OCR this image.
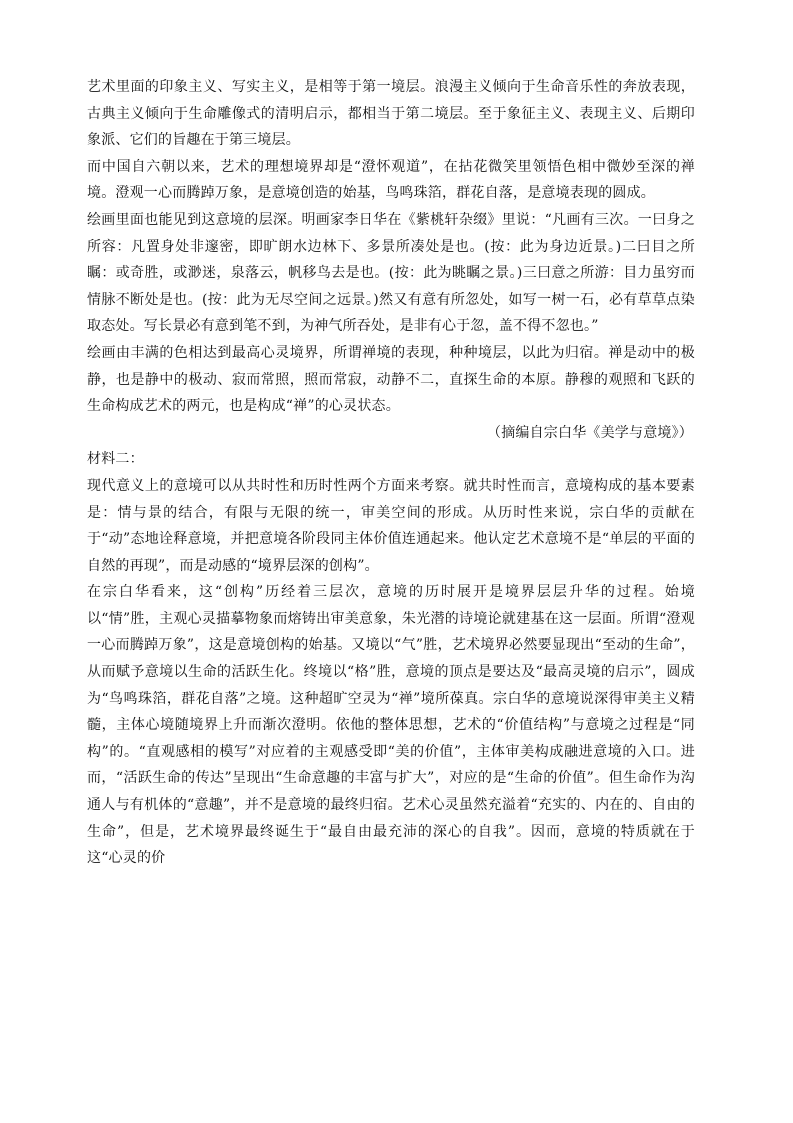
艺术里面的印象主义、写实主义，是相等于第一境层。浪漫主义倾向于生命音乐性的奔放表现，古典主义倾向于生命雕像式的清明启示，都相当于第二境层。至于象征主义、表现主义、后期印象派、它们的旨趣在于第三境层。

而中国自六朝以来，艺术的理想境界却是“澄怀观道”，在拈花微笑里领悟色相中微妙至深的禅境。澄观一心而腾踔万象，是意境创造的始基，鸟鸣珠箔，群花自落，是意境表现的圆成。

绘画里面也能见到这意境的层深。明画家李日华在《紫桃轩杂缀》里说：“凡画有三次。一曰身之所容：凡置身处非邃密，即旷朗水边林下、多景所凑处是也。(按：此为身边近景。)二曰目之所瞩：或奇胜，或渺迷，泉落云，帆移鸟去是也。(按：此为眺瞩之景。)三曰意之所游：目力虽穷而情脉不断处是也。(按：此为无尽空间之远景。)然又有意有所忽处，如写一树一石，必有草草点染取态处。写长景必有意到笔不到，为神气所吞处，是非有心于忽，盖不得不忽也。”

绘画由丰满的色相达到最高心灵境界，所谓禅境的表现，种种境层，以此为归宿。禅是动中的极静，也是静中的极动、寂而常照，照而常寂，动静不二，直探生命的本原。静穆的观照和飞跃的生命构成艺术的两元，也是构成“禅”的心灵状态。

（摘编自宗白华《美学与意境》）

材料二：

现代意义上的意境可以从共时性和历时性两个方面来考察。就共时性而言，意境构成的基本要素是：情与景的结合，有限与无限的统一，审美空间的形成。从历时性来说，宗白华的贡献在于“动”态地诠释意境，并把意境各阶段同主体价值连通起来。他认定艺术意境不是“单层的平面的自然的再现”，而是动感的“境界层深的创构”。

在宗白华看来，这“创构”历经着三层次，意境的历时展开是境界层层升华的过程。始境以“情”胜，主观心灵描摹物象而熔铸出审美意象，朱光潜的诗境论就建基在这一层面。所谓“澄观一心而腾踔万象”，这是意境创构的始基。又境以“气”胜，艺术境界必然要显现出“至动的生命”，从而赋予意境以生命的活跃生化。终境以“格”胜，意境的顶点是要达及“最高灵境的启示”，圆成为“鸟鸣珠箔，群花自落”之境。这种超旷空灵为“禅”境所葆真。宗白华的意境说深得审美主义精髓，主体心境随境界上升而渐次澄明。依他的整体思想，艺术的“价值结构”与意境之过程是“同构”的。“直观感相的模写”对应着的主观感受即“美的价值”，主体审美构成融进意境的入口。进而，“活跃生命的传达”呈现出“生命意趣的丰富与扩大”，对应的是“生命的价值”。但生命作为沟通人与有机体的“意趣”，并不是意境的最终归宿。艺术心灵虽然充溢着“充实的、内在的、自由的生命”，但是，艺术境界最终诞生于“最自由最充沛的深心的自我”。因而，意境的特质就在于这“心灵的价
